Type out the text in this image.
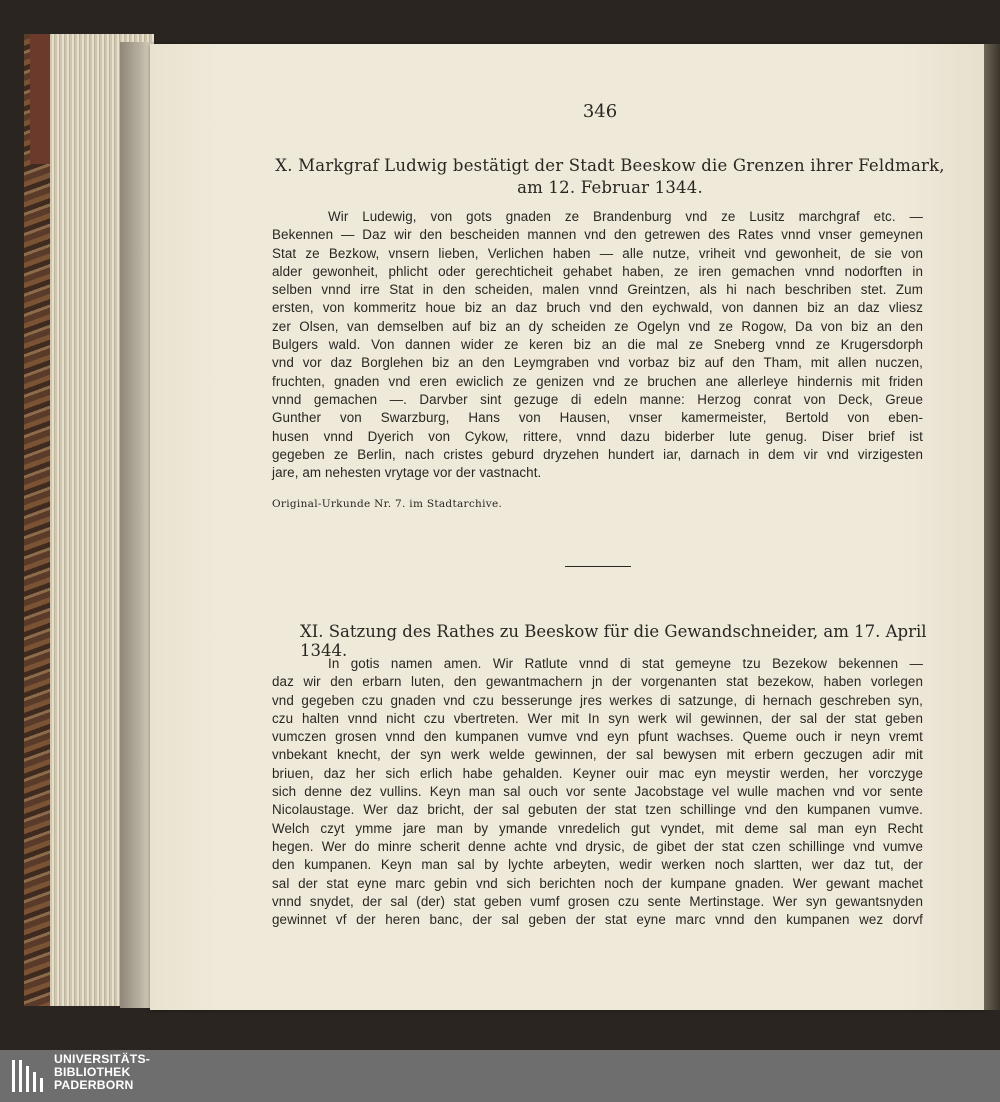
346
X. Markgraf Ludwig bestätigt der Stadt Beeskow die Grenzen ihrer Feldmark,
am 12. Februar 1344.
Wir Ludewig, von gots gnaden ze Brandenburg vnd ze Lusitz marchgraf etc. —
Bekennen — Daz wir den bescheiden mannen vnd den getrewen des Rates vnnd vnser gemeynen
Stat ze Bezkow, vnsern lieben, Verlichen haben — alle nutze, vriheit vnd gewonheit, de sie von
alder gewonheit, phlicht oder gerechticheit gehabet haben, ze iren gemachen vnnd nodorften in
selben vnnd irre Stat in den scheiden, malen vnnd Greintzen, als hi nach beschriben stet. Zum
ersten, von kommeritz houe biz an daz bruch vnd den eychwald, von dannen biz an daz vliesz
zer Olsen, van demselben auf biz an dy scheiden ze Ogelyn vnd ze Rogow, Da von biz an den
Bulgers wald. Von dannen wider ze keren biz an die mal ze Sneberg vnnd ze Krugersdorph
vnd vor daz Borglehen biz an den Leymgraben vnd vorbaz biz auf den Tham, mit allen nuczen,
fruchten, gnaden vnd eren ewiclich ze genizen vnd ze bruchen ane allerleye hindernis mit friden
vnnd gemachen —. Darvber sint gezuge di edeln manne: Herzog conrat von Deck, Greue
Gunther von Swarzburg, Hans von Hausen, vnser kamermeister, Bertold von eben-
husen vnnd Dyerich von Cykow, rittere, vnnd dazu biderber lute genug. Diser brief ist
gegeben ze Berlin, nach cristes geburd dryzehen hundert iar, darnach in dem vir vnd virzigesten
jare, am nehesten vrytage vor der vastnacht.
Original-Urkunde Nr. 7. im Stadtarchive.
XI. Satzung des Rathes zu Beeskow für die Gewandschneider, am 17. April 1344.
In gotis namen amen. Wir Ratlute vnnd di stat gemeyne tzu Bezekow bekennen —
daz wir den erbarn luten, den gewantmachern jn der vorgenanten stat bezekow, haben vorlegen
vnd gegeben czu gnaden vnd czu besserunge jres werkes di satzunge, di hernach geschreben syn,
czu halten vnnd nicht czu vbertreten. Wer mit In syn werk wil gewinnen, der sal der stat geben
vumczen grosen vnnd den kumpanen vumve vnd eyn pfunt wachses. Queme ouch ir neyn vremt
vnbekant knecht, der syn werk welde gewinnen, der sal bewysen mit erbern geczugen adir mit
briuen, daz her sich erlich habe gehalden. Keyner ouir mac eyn meystir werden, her vorczyge
sich denne dez vullins. Keyn man sal ouch vor sente Jacobstage vel wulle machen vnd vor sente
Nicolaustage. Wer daz bricht, der sal gebuten der stat tzen schillinge vnd den kumpanen vumve.
Welch czyt ymme jare man by ymande vnredelich gut vyndet, mit deme sal man eyn Recht
hegen. Wer do minre scherit denne achte vnd drysic, de gibet der stat czen schillinge vnd vumve
den kumpanen. Keyn man sal by lychte arbeyten, wedir werken noch slartten, wer daz tut, der
sal der stat eyne marc gebin vnd sich berichten noch der kumpane gnaden. Wer gewant machet
vnnd snydet, der sal (der) stat geben vumf grosen czu sente Mertinstage. Wer syn gewantsnyden
gewinnet vf der heren banc, der sal geben der stat eyne marc vnnd den kumpanen wez dorvf
UNIVERSITÄTS-
BIBLIOTHEK
PADERBORN
